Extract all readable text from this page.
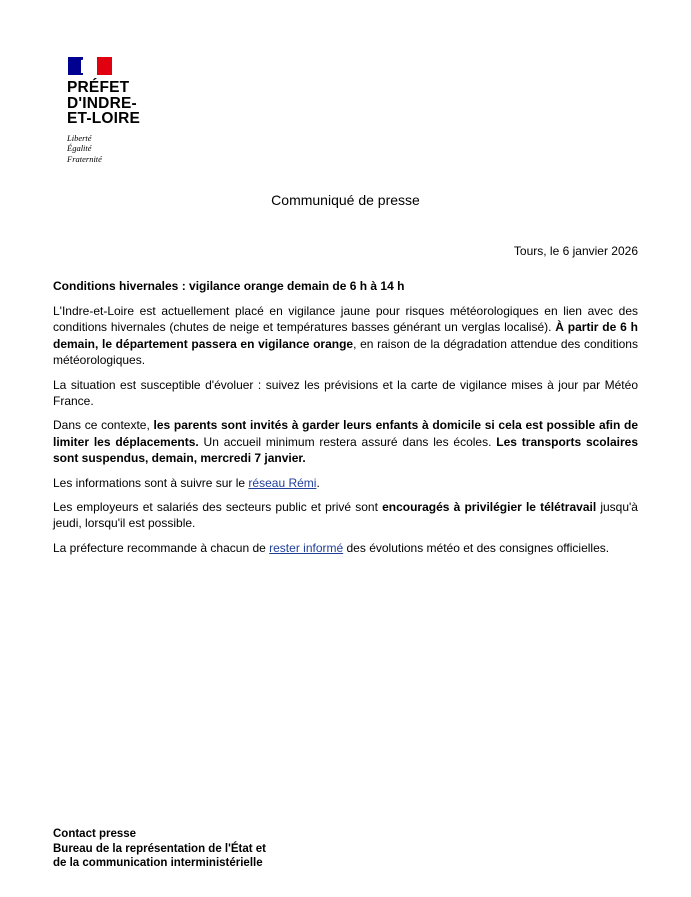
PRÉFET
D'INDRE-
ET-LOIRE
Liberté
Égalité
Fraternité
Communiqué de presse
Tours, le 6 janvier 2026

Conditions hivernales : vigilance orange demain de 6 h à 14 h

L'Indre-et-Loire est actuellement placé en vigilance jaune pour risques météorologiques en lien avec des conditions hivernales (chutes de neige et températures basses générant un verglas localisé). À partir de 6 h demain, le département passera en vigilance orange, en raison de la dégradation attendue des conditions météorologiques.

La situation est susceptible d'évoluer : suivez les prévisions et la carte de vigilance mises à jour par Météo France.

Dans ce contexte, les parents sont invités à garder leurs enfants à domicile si cela est possible afin de limiter les déplacements. Un accueil minimum restera assuré dans les écoles. Les transports scolaires sont suspendus, demain, mercredi 7 janvier.

Les informations sont à suivre sur le réseau Rémi.

Les employeurs et salariés des secteurs public et privé sont encouragés à privilégier le télétravail jusqu'à jeudi, lorsqu'il est possible.

La préfecture recommande à chacun de rester informé des évolutions météo et des consignes officielles.

Contact presse
Bureau de la représentation de l'État et
de la communication interministérielle
